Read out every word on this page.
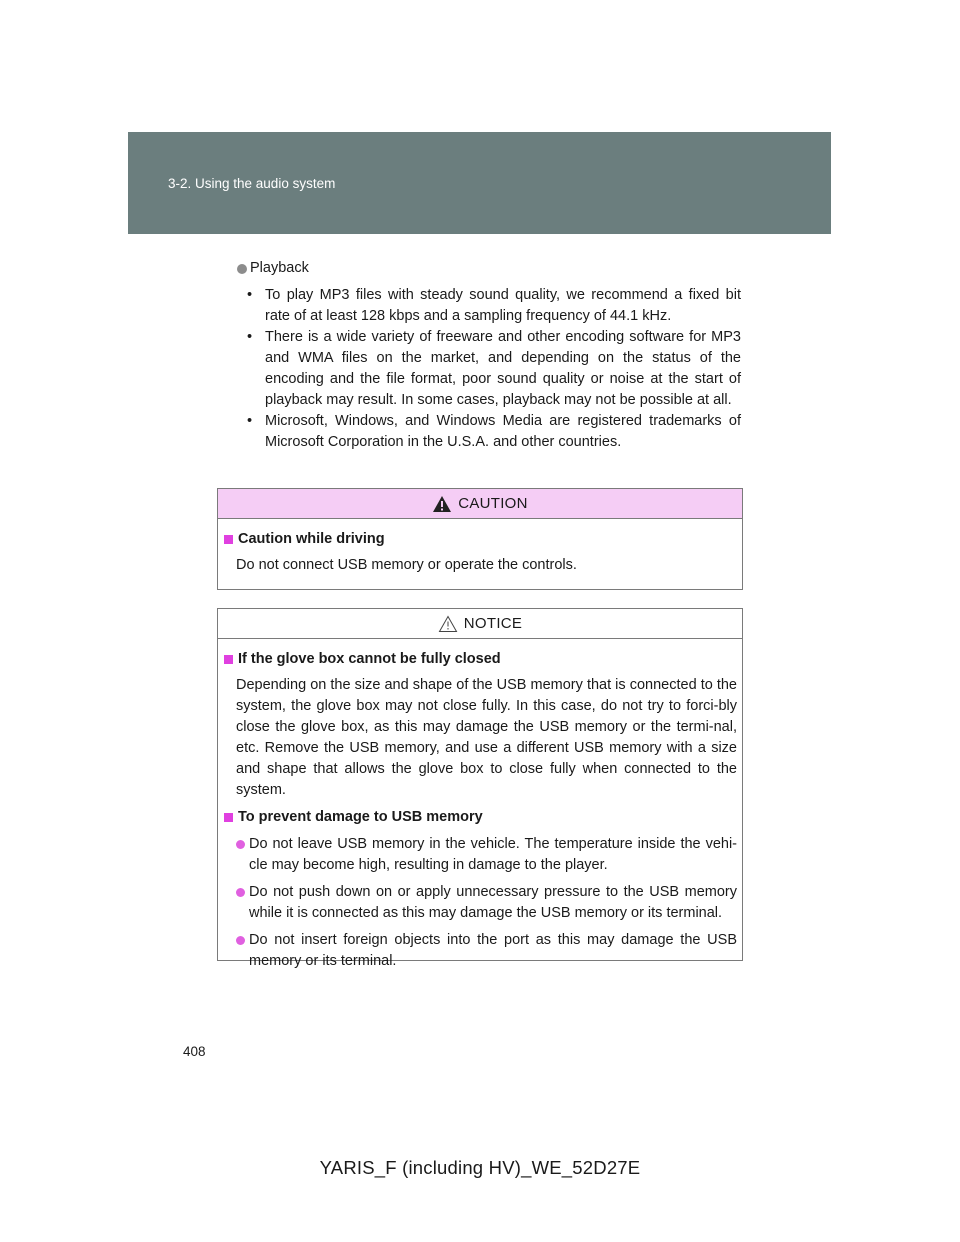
3-2. Using the audio system
Playback
• To play MP3 files with steady sound quality, we recommend a fixed bit rate of at least 128 kbps and a sampling frequency of 44.1 kHz.
• There is a wide variety of freeware and other encoding software for MP3 and WMA files on the market, and depending on the status of the encoding and the file format, poor sound quality or noise at the start of playback may result. In some cases, playback may not be possible at all.
• Microsoft, Windows, and Windows Media are registered trademarks of Microsoft Corporation in the U.S.A. and other countries.
CAUTION
Caution while driving
Do not connect USB memory or operate the controls.
NOTICE
If the glove box cannot be fully closed
Depending on the size and shape of the USB memory that is connected to the system, the glove box may not close fully. In this case, do not try to forci-bly close the glove box, as this may damage the USB memory or the termi-nal, etc. Remove the USB memory, and use a different USB memory with a size and shape that allows the glove box to close fully when connected to the system.
To prevent damage to USB memory
Do not leave USB memory in the vehicle. The temperature inside the vehi-cle may become high, resulting in damage to the player.
Do not push down on or apply unnecessary pressure to the USB memory while it is connected as this may damage the USB memory or its terminal.
Do not insert foreign objects into the port as this may damage the USB memory or its terminal.
408
YARIS_F (including HV)_WE_52D27E
